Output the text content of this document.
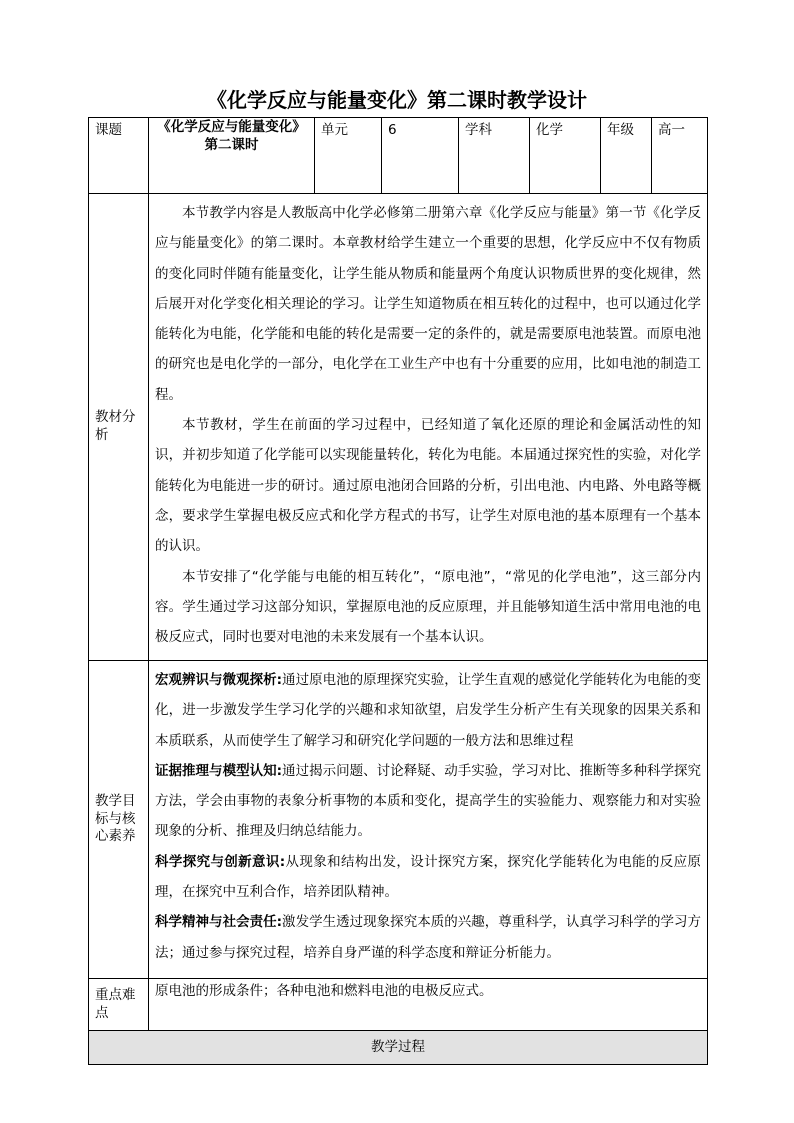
《化学反应与能量变化》第二课时教学设计
课题	《化学反应与能量变化》第二课时	单元	6	学科	化学	年级	高一
教材分析	本节教学内容是人教版高中化学必修第二册第六章《化学反应与能量》第一节《化学反应与能量变化》的第二课时。本章教材给学生建立一个重要的思想，化学反应中不仅有物质的变化同时伴随有能量变化，让学生能从物质和能量两个角度认识物质世界的变化规律，然后展开对化学变化相关理论的学习。让学生知道物质在相互转化的过程中，也可以通过化学能转化为电能，化学能和电能的转化是需要一定的条件的，就是需要原电池装置。而原电池的研究也是电化学的一部分，电化学在工业生产中也有十分重要的应用，比如电池的制造工程。

本节教材，学生在前面的学习过程中，已经知道了氧化还原的理论和金属活动性的知识，并初步知道了化学能可以实现能量转化，转化为电能。本届通过探究性的实验，对化学能转化为电能进一步的研讨。通过原电池闭合回路的分析，引出电池、内电路、外电路等概念，要求学生掌握电极反应式和化学方程式的书写，让学生对原电池的基本原理有一个基本的认识。

本节安排了“化学能与电能的相互转化”，“原电池”，“常见的化学电池”，这三部分内容。学生通过学习这部分知识，掌握原电池的反应原理，并且能够知道生活中常用电池的电极反应式，同时也要对电池的未来发展有一个基本认识。						

教学目标与核心素养	宏观辨识与微观探析:通过原电池的原理探究实验，让学生直观的感觉化学能转化为电能的变化，进一步激发学生学习化学的兴趣和求知欲望，启发学生分析产生有关现象的因果关系和本质联系，从而使学生了解学习和研究化学问题的一般方法和思维过程

证据推理与模型认知:通过揭示问题、讨论释疑、动手实验，学习对比、推断等多种科学探究方法，学会由事物的表象分析事物的本质和变化，提高学生的实验能力、观察能力和对实验现象的分析、推理及归纳总结能力。

科学探究与创新意识:从现象和结构出发，设计探究方案，探究化学能转化为电能的反应原理，在探究中互利合作，培养团队精神。

科学精神与社会责任:激发学生透过现象探究本质的兴趣，尊重科学，认真学习科学的学习方法；通过参与探究过程，培养自身严谨的科学态度和辩证分析能力。						

重点难点	原电池的形成条件；各种电池和燃料电池的电极反应式。						
教学过程							
